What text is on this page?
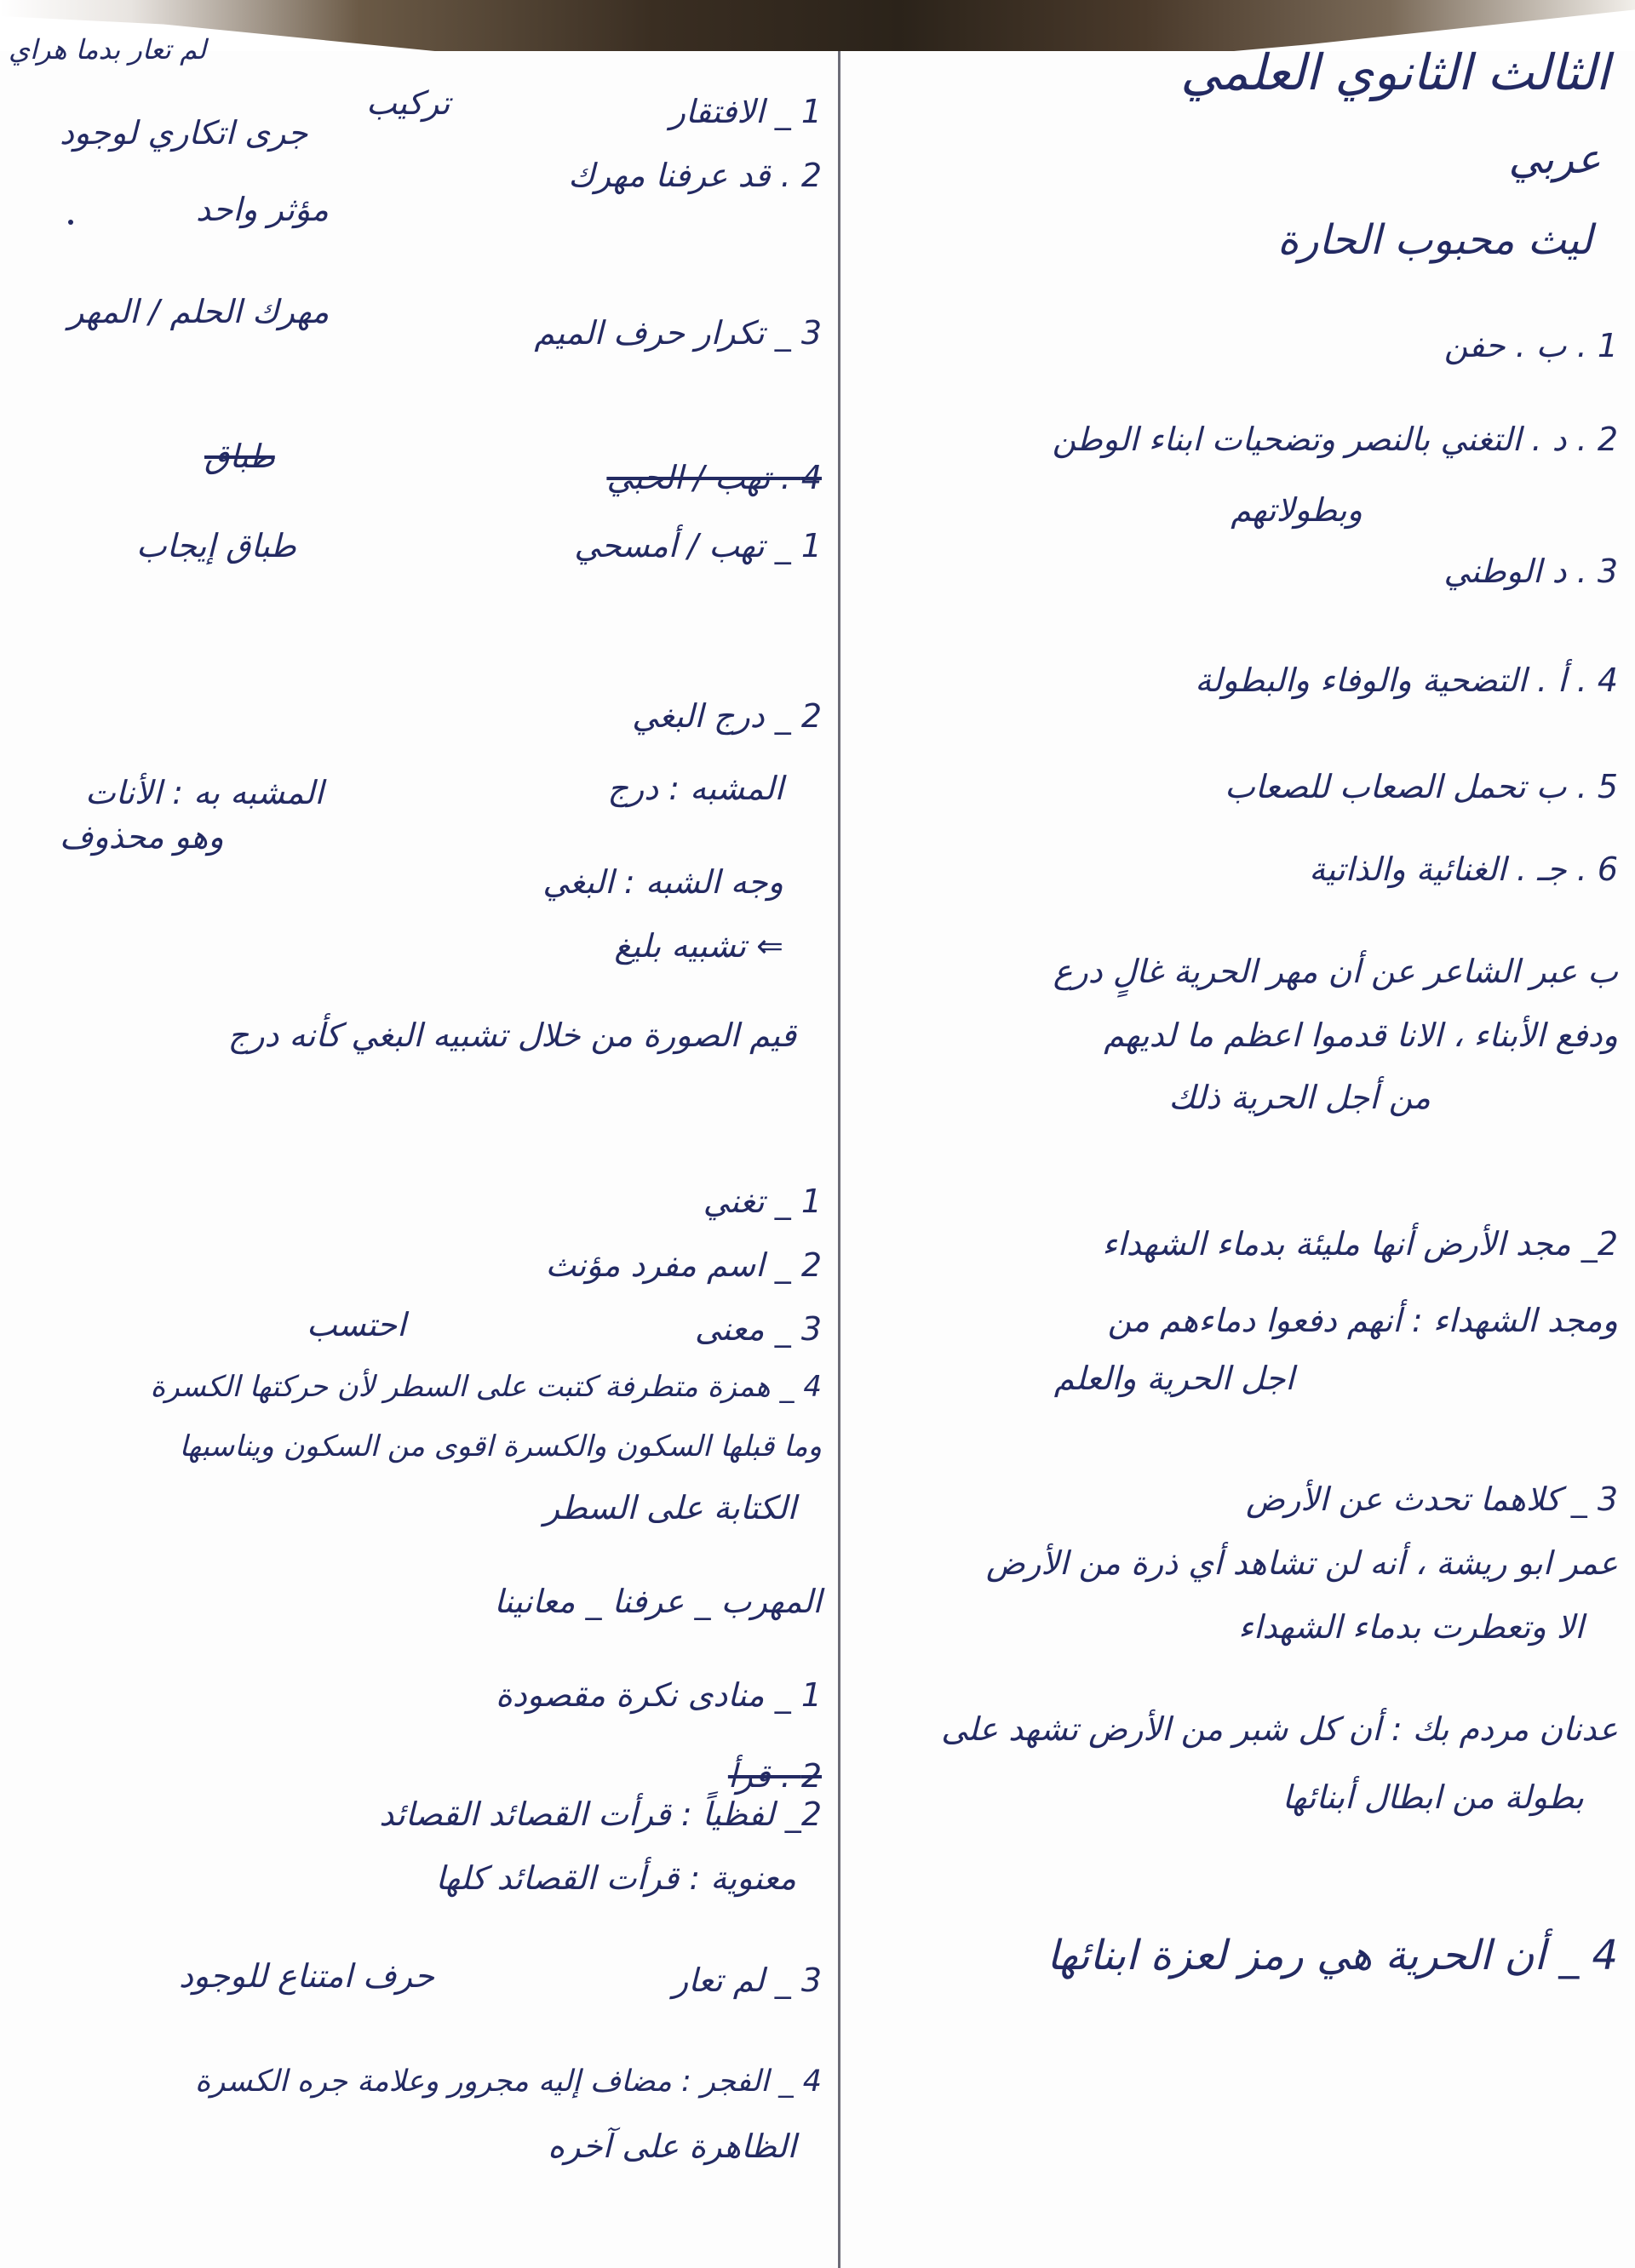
الثالث الثانوي العلمي
عربي
ليث محبوب الحارة
1 . ب . حفن
2 . د . التغني بالنصر وتضحيات ابناء الوطن
وبطولاتهم
3 . د الوطني
4 . أ . التضحية والوفاء والبطولة
5 . ب تحمل الصعاب للصعاب
6 . جـ . الغنائية والذاتية
ب عبر الشاعر عن أن مهر الحرية غالٍ درع
ودفع الأبناء ، الانا قدموا اعظم ما لديهم
من أجل الحرية ذلك
2_ مجد الأرض أنها مليئة بدماء الشهداء
ومجد الشهداء : أنهم دفعوا دماءهم من
اجل الحرية والعلم
3 _ كلاهما تحدث عن الأرض
عمر ابو ريشة ، أنه لن تشاهد أي ذرة من الأرض
الا وتعطرت بدماء الشهداء
عدنان مردم بك : أن كل شبر من الأرض تشهد على
بطولة من ابطال أبنائها
4 _ أن الحرية هي رمز لعزة ابنائها
لم تعار بدما هراي
1 _ الافتقار
تركيب
2 . قد عرفنا مهرك
جرى اتكاري لوجود
مؤثر واحد
3 _ تكرار حرف الميم
مهرك الحلم / المهر
4 . تهب / الحبي
طباق
1 _ تهب / أمسحي
طباق إيجاب
2 _ درج البغي
المشبه : درج
المشبه به : الأنات
وهو محذوف
وجه الشبه : البغي
⇐ تشبيه بليغ
قيم الصورة من خلال تشبيه البغي كأنه درج
1 _ تغني
2 _ اسم مفرد مؤنث
3 _ معنى
احتسب
4 _ همزة متطرفة كتبت على السطر لأن حركتها الكسرة
وما قبلها السكون والكسرة اقوى من السكون ويناسبها
الكتابة على السطر
المهرب _ عرفنا _ معانينا
1 _ منادى نكرة مقصودة
2 . قرأ
2_ لفظياً : قرأت القصائد القصائد
معنوية : قرأت القصائد كلها
3 _ لم تعار
حرف امتناع للوجود
4 _ الفجر : مضاف إليه مجرور وعلامة جره الكسرة
الظاهرة على آخره
